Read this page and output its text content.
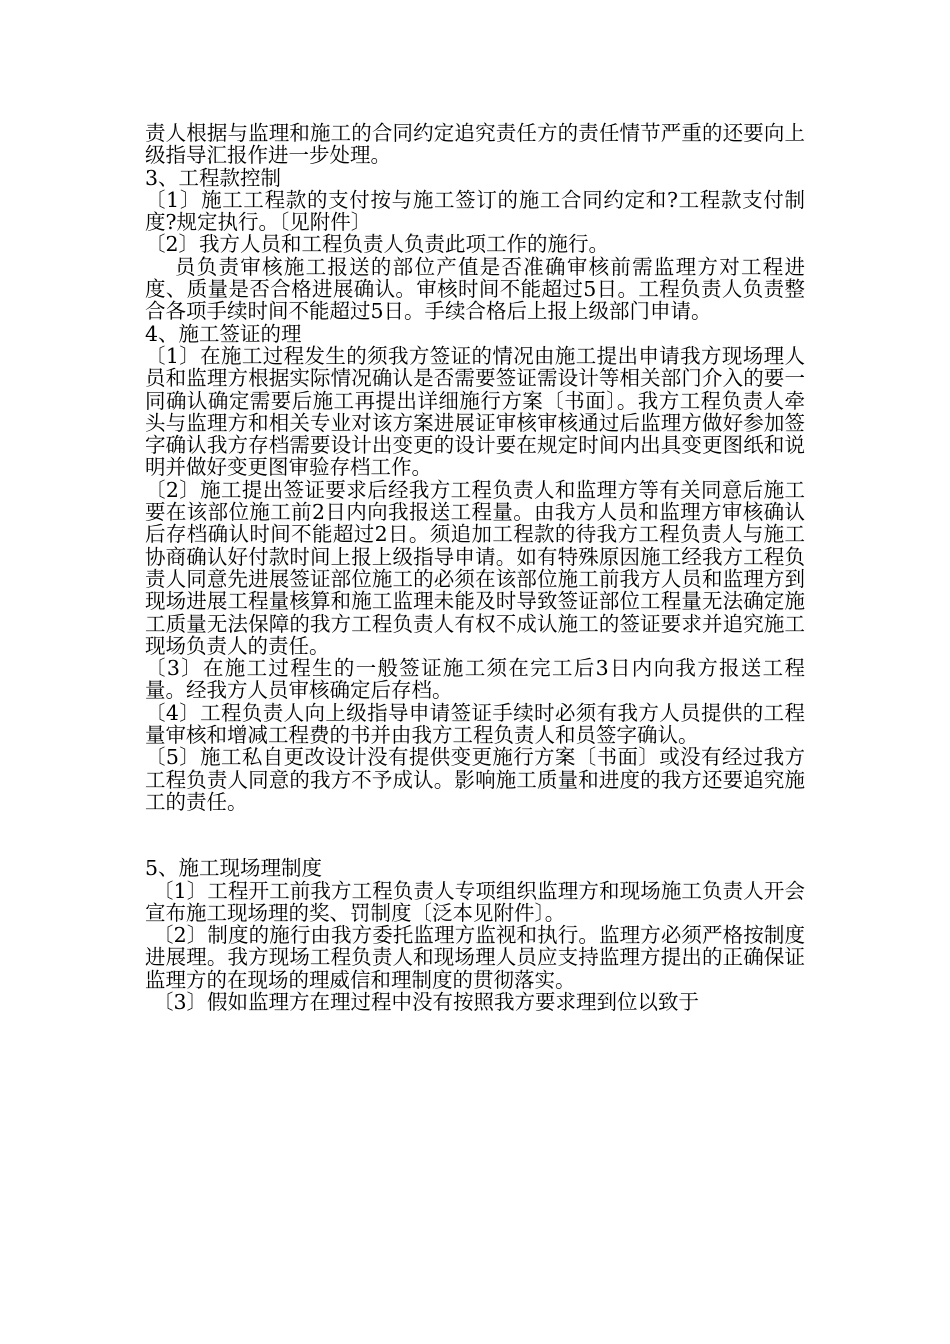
责人根据与监理和施工的合同约定追究责任方的责任情节严重的还要向上级指导汇报作进一步处理。

3、工程款控制

〔1〕施工工程款的支付按与施工签订的施工合同约定和?工程款支付制度?规定执行。〔见附件〕

〔2〕我方人员和工程负责人负责此项工作的施行。

员负责审核施工报送的部位产值是否准确审核前需监理方对工程进度、质量是否合格进展确认。审核时间不能超过5日。工程负责人负责整合各项手续时间不能超过5日。手续合格后上报上级部门申请。

4、施工签证的理

〔1〕在施工过程发生的须我方签证的情况由施工提出申请我方现场理人员和监理方根据实际情况确认是否需要签证需设计等相关部门介入的要一同确认确定需要后施工再提出详细施行方案〔书面〕。我方工程负责人牵头与监理方和相关专业对该方案进展证审核审核通过后监理方做好参加签字确认我方存档需要设计出变更的设计要在规定时间内出具变更图纸和说明并做好变更图审验存档工作。

〔2〕施工提出签证要求后经我方工程负责人和监理方等有关同意后施工要在该部位施工前2日内向我报送工程量。由我方人员和监理方审核确认后存档确认时间不能超过2日。须追加工程款的待我方工程负责人与施工协商确认好付款时间上报上级指导申请。如有特殊原因施工经我方工程负责人同意先进展签证部位施工的必须在该部位施工前我方人员和监理方到现场进展工程量核算和施工监理未能及时导致签证部位工程量无法确定施工质量无法保障的我方工程负责人有权不成认施工的签证要求并追究施工现场负责人的责任。

〔3〕在施工过程生的一般签证施工须在完工后3日内向我方报送工程量。经我方人员审核确定后存档。

〔4〕工程负责人向上级指导申请签证手续时必须有我方人员提供的工程量审核和增减工程费的书并由我方工程负责人和员签字确认。

〔5〕施工私自更改设计没有提供变更施行方案〔书面〕或没有经过我方工程负责人同意的我方不予成认。影响施工质量和进度的我方还要追究施工的责任。

5、施工现场理制度

〔1〕工程开工前我方工程负责人专项组织监理方和现场施工负责人开会宣布施工现场理的奖、罚制度〔泛本见附件〕。

〔2〕制度的施行由我方委托监理方监视和执行。监理方必须严格按制度进展理。我方现场工程负责人和现场理人员应支持监理方提出的正确保证监理方的在现场的理威信和理制度的贯彻落实。

〔3〕假如监理方在理过程中没有按照我方要求理到位以致于
